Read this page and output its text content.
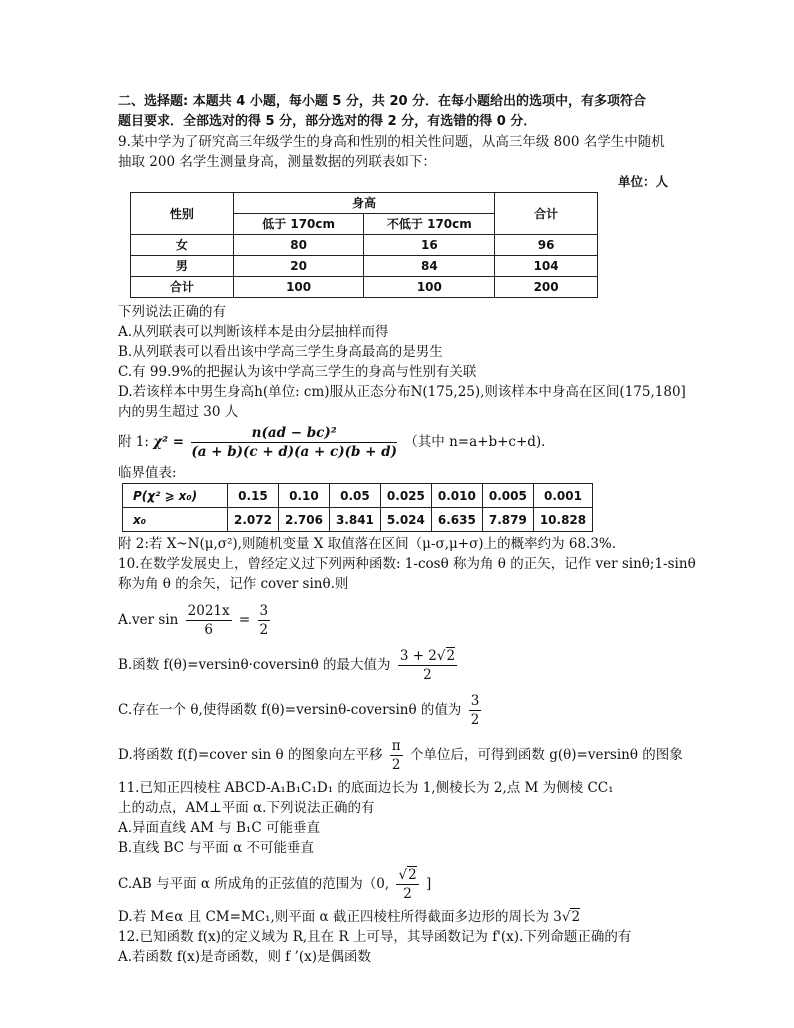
二、选择题: 本题共 4 小题，每小题 5 分，共 20 分．在每小题给出的选项中，有多项符合
题目要求．全部选对的得 5 分，部分选对的得 2 分，有选错的得 0 分．
9.某中学为了研究高三年级学生的身高和性别的相关性问题，从高三年级 800 名学生中随机
抽取 200 名学生测量身高，测量数据的列联表如下：
单位：人
性别	身高		合计
	低于 170cm	不低于 170cm	
女	80	16	96
男	20	84	104
合计	100	100	200
下列说法正确的有
A.从列联表可以判断该样本是由分层抽样而得
B.从列联表可以看出该中学高三学生身高最高的是男生
C.有 99.9%的把握认为该中学高三学生的身高与性别有关联
D.若该样本中男生身高h(单位: cm)服从正态分布N(175,25),则该样本中身高在区间(175,180]
内的男生超过 30 人
附 1: $\chi^2 = \frac{\text{n(ad − bc)²}}{(a + b)(c + d)(a + c)(b + d)}$ （其中 n=a+b+c+d).
临界值表:
P(χ² ⩾ x₀)	0.15	0.10	0.05	0.025	0.010	0.005	0.001
x₀	2.072	2.706	3.841	5.024	6.635	7.879	10.828
附 2:若 X~N(μ,σ²),则随机变量 X 取值落在区间（μ-σ,μ+σ)上的概率约为 68.3%.
10.在数学发展史上，曾经定义过下列两种函数: 1-cosθ 称为角 θ 的正矢，记作 ver sinθ;1-sinθ
称为角 θ 的余矢，记作 cover sinθ.则
A.ver $\sin \frac{2021x}{6} = \frac{3}{2}$
B.函数 f(θ)=versinθ·coversinθ 的最大值为 $\frac{3 + 2√2}{2}$
C.存在一个 θ,使得函数 f(θ)=versinθ-coversinθ 的值为 $\frac{3}{2}$
D.将函数 f(f)=cover sin θ 的图象向左平移 $\frac{\pi}{2}$ 个单位后，可得到函数 g(θ)=versinθ 的图象
11.已知正四棱柱 ABCD-A₁B₁C₁D₁ 的底面边长为 1,侧棱长为 2,点 M 为侧棱 CC₁
上的动点，AM⊥平面 α.下列说法正确的有
A.异面直线 AM 与 B₁C 可能垂直
B.直线 BC 与平面 α 不可能垂直
C.AB 与平面 α 所成角的正弦值的范围为（0, $\frac{√2}{2}$ ]
D.若 M∈α 且 CM=MC₁,则平面 α 截正四棱柱所得截面多边形的周长为 3√2
12.已知函数 f(x)的定义域为 R,且在 R 上可导，其导函数记为 f'(x).下列命题正确的有
A.若函数 f(x)是奇函数，则 f ’(x)是偶函数
